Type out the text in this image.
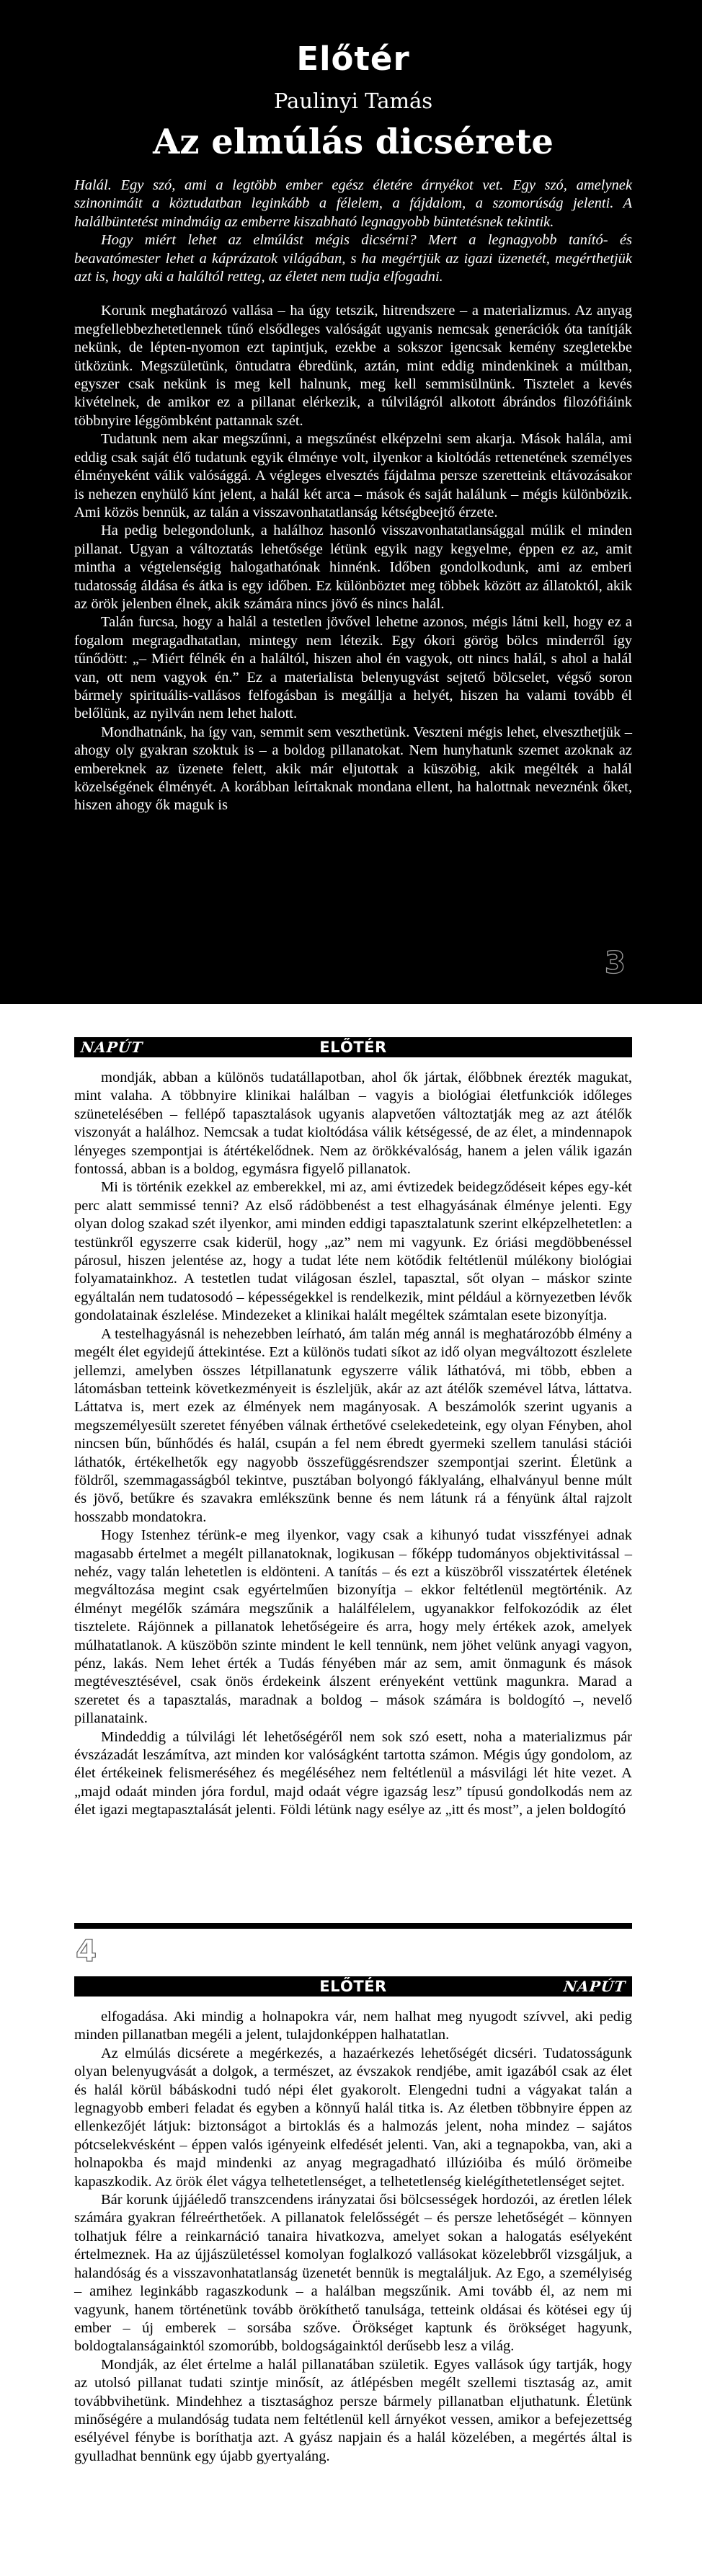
Előtér
Paulinyi Tamás
Az elmúlás dicsérete

Halál. Egy szó, ami a legtöbb ember egész életére árnyékot vet. Egy szó, amelynek szinonimáit a köztudatban leginkább a félelem, a fájdalom, a szomorúság jelenti. A halálbüntetést mindmáig az emberre kiszabható legnagyobb büntetésnek tekintik.

Hogy miért lehet az elmúlást mégis dicsérni? Mert a legnagyobb tanító- és beavatómester lehet a káprázatok világában, s ha megértjük az igazi üzenetét, megérthetjük azt is, hogy aki a haláltól retteg, az életet nem tudja elfogadni.

Korunk meghatározó vallása – ha úgy tetszik, hitrendszere – a materializmus. Az anyag megfellebbezhetetlennek tűnő elsődleges valóságát ugyanis nemcsak generációk óta tanítják nekünk, de lépten-nyomon ezt tapintjuk, ezekbe a sokszor igencsak kemény szegletekbe ütközünk. Megszületünk, öntudatra ébredünk, aztán, mint eddig mindenkinek a múltban, egyszer csak nekünk is meg kell halnunk, meg kell semmisülnünk. Tisztelet a kevés kivételnek, de amikor ez a pillanat elérkezik, a túlvilágról alkotott ábrándos filozófiáink többnyire léggömbként pattannak szét.

Tudatunk nem akar megszűnni, a megszűnést elképzelni sem akarja. Mások halála, ami eddig csak saját élő tudatunk egyik élménye volt, ilyenkor a kioltódás rettenetének személyes élményeként válik valósággá. A végleges elvesztés fájdalma persze szeretteink eltávozásakor is nehezen enyhülő kínt jelent, a halál két arca – mások és saját halálunk – mégis különbözik. Ami közös bennük, az talán a visszavonhatatlanság kétségbeejtő érzete.

Ha pedig belegondolunk, a halálhoz hasonló visszavonhatatlansággal múlik el minden pillanat. Ugyan a változtatás lehetősége létünk egyik nagy kegyelme, éppen ez az, amit mintha a végtelenségig halogathatónak hinnénk. Időben gondolkodunk, ami az emberi tudatosság áldása és átka is egy időben. Ez különböztet meg többek között az állatoktól, akik az örök jelenben élnek, akik számára nincs jövő és nincs halál.

Talán furcsa, hogy a halál a testetlen jövővel lehetne azonos, mégis látni kell, hogy ez a fogalom megragadhatatlan, mintegy nem létezik. Egy ókori görög bölcs minderről így tűnődött: „– Miért félnék én a haláltól, hiszen ahol én vagyok, ott nincs halál, s ahol a halál van, ott nem vagyok én.” Ez a materialista belenyugvást sejtető bölcselet, végső soron bármely spirituális-vallásos felfogásban is megállja a helyét, hiszen ha valami tovább él belőlünk, az nyilván nem lehet halott.

Mondhatnánk, ha így van, semmit sem veszthetünk. Veszteni mégis lehet, elveszthetjük – ahogy oly gyakran szoktuk is – a boldog pillanatokat. Nem hunyhatunk szemet azoknak az embereknek az üzenete felett, akik már eljutottak a küszöbig, akik megélték a halál közelségének élményét. A korábban leírtaknak mondana ellent, ha halottnak neveznénk őket, hiszen ahogy ők maguk is

3
NAPÚT	ELŐTÉR

mondják, abban a különös tudatállapotban, ahol ők jártak, élőbbnek érezték magukat, mint valaha. A többnyire klinikai halálban – vagyis a biológiai életfunkciók időleges szünetelésében – fellépő tapasztalások ugyanis alapvetően változtatják meg az azt átélők viszonyát a halálhoz. Nemcsak a tudat kioltódása válik kétségessé, de az élet, a mindennapok lényeges szempontjai is átértékelődnek. Nem az örökkévalóság, hanem a jelen válik igazán fontossá, abban is a boldog, egymásra figyelő pillanatok.

Mi is történik ezekkel az emberekkel, mi az, ami évtizedek beidegződéseit képes egy-két perc alatt semmissé tenni? Az első rádöbbenést a test elhagyásának élménye jelenti. Egy olyan dolog szakad szét ilyenkor, ami minden eddigi tapasztalatunk szerint elképzelhetetlen: a testünkről egyszerre csak kiderül, hogy „az” nem mi vagyunk. Ez óriási megdöbbenéssel párosul, hiszen jelentése az, hogy a tudat léte nem kötődik feltétlenül múlékony biológiai folyamatainkhoz. A testetlen tudat világosan észlel, tapasztal, sőt olyan – máskor szinte egyáltalán nem tudatosodó – képességekkel is rendelkezik, mint például a környezetben lévők gondolatainak észlelése. Mindezeket a klinikai halált megéltek számtalan esete bizonyítja.

A testelhagyásnál is nehezebben leírható, ám talán még annál is meghatározóbb élmény a megélt élet egyidejű áttekintése. Ezt a különös tudati síkot az idő olyan megváltozott észlelete jellemzi, amelyben összes létpillanatunk egyszerre válik láthatóvá, mi több, ebben a látomásban tetteink következményeit is észleljük, akár az azt átélők szemével látva, láttatva. Láttatva is, mert ezek az élmények nem magányosak. A beszámolók szerint ugyanis a megszemélyesült szeretet fényében válnak érthetővé cselekedeteink, egy olyan Fényben, ahol nincsen bűn, bűnhődés és halál, csupán a fel nem ébredt gyermeki szellem tanulási stációi láthatók, értékelhetők egy nagyobb összefüggésrendszer szempontjai szerint. Életünk a földről, szemmagasságból tekintve, pusztában bolyongó fáklyaláng, elhalványul benne múlt és jövő, betűkre és szavakra emlékszünk benne és nem látunk rá a fényünk által rajzolt hosszabb mondatokra.

Hogy Istenhez térünk-e meg ilyenkor, vagy csak a kihunyó tudat visszfényei adnak magasabb értelmet a megélt pillanatoknak, logikusan – főképp tudományos objektivitással – nehéz, vagy talán lehetetlen is eldönteni. A tanítás – és ezt a küszöbről visszatértek életének megváltozása megint csak egyértelműen bizonyítja – ekkor feltétlenül megtörténik. Az élményt megélők számára megszűnik a halálfélelem, ugyanakkor felfokozódik az élet tisztelete. Rájönnek a pillanatok lehetőségeire és arra, hogy mely értékek azok, amelyek múlhatatlanok. A küszöbön szinte mindent le kell tennünk, nem jöhet velünk anyagi vagyon, pénz, lakás. Nem lehet érték a Tudás fényében már az sem, amit önmagunk és mások megtévesztésével, csak önös érdekeink álszent erényeként vettünk magunkra. Marad a szeretet és a tapasztalás, maradnak a boldog – mások számára is boldogító –, nevelő pillanataink.

Mindeddig a túlvilági lét lehetőségéről nem sok szó esett, noha a materializmus pár évszázadát leszámítva, azt minden kor valóságként tartotta számon. Mégis úgy gondolom, az élet értékeinek felismeréséhez és megéléséhez nem feltétlenül a másvilági lét hite vezet. A „majd odaát minden jóra fordul, majd odaát végre igazság lesz” típusú gondolkodás nem az élet igazi megtapasztalását jelenti. Földi létünk nagy esélye az „itt és most”, a jelen boldogító

4
ELŐTÉR	NAPÚT

elfogadása. Aki mindig a holnapokra vár, nem halhat meg nyugodt szívvel, aki pedig minden pillanatban megéli a jelent, tulajdonképpen halhatatlan.

Az elmúlás dicsérete a megérkezés, a hazaérkezés lehetőségét dicséri. Tudatosságunk olyan belenyugvását a dolgok, a természet, az évszakok rendjébe, amit igazából csak az élet és halál körül bábáskodni tudó népi élet gyakorolt. Elengedni tudni a vágyakat talán a legnagyobb emberi feladat és egyben a könnyű halál titka is. Az életben többnyire éppen az ellenkezőjét látjuk: biztonságot a birtoklás és a halmozás jelent, noha mindez – sajátos pótcselekvésként – éppen valós igényeink elfedését jelenti. Van, aki a tegnapokba, van, aki a holnapokba és majd mindenki az anyag megragadható illúzióiba és múló örömeibe kapaszkodik. Az örök élet vágya telhetetlenséget, a telhetetlenség kielégíthetetlenséget sejtet.

Bár korunk újjáéledő transzcendens irányzatai ősi bölcsességek hordozói, az éretlen lélek számára gyakran félreérthetőek. A pillanatok felelősségét – és persze lehetőségét – könnyen tolhatjuk félre a reinkarnáció tanaira hivatkozva, amelyet sokan a halogatás esélyeként értelmeznek. Ha az újjászületéssel komolyan foglalkozó vallásokat közelebbről vizsgáljuk, a halandóság és a visszavonhatatlanság üzenetét bennük is megtaláljuk. Az Ego, a személyiség – amihez leginkább ragaszkodunk – a halálban megszűnik. Ami tovább él, az nem mi vagyunk, hanem történetünk tovább örökíthető tanulsága, tetteink oldásai és kötései egy új ember – új emberek – sorsába szőve. Örökséget kaptunk és örökséget hagyunk, boldogtalanságainktól szomorúbb, boldogságainktól derűsebb lesz a világ.

Mondják, az élet értelme a halál pillanatában születik. Egyes vallások úgy tartják, hogy az utolsó pillanat tudati szintje minősít, az átlépésben megélt szellemi tisztaság az, amit továbbvihetünk. Mindehhez a tisztasághoz persze bármely pillanatban eljuthatunk. Életünk minőségére a mulandóság tudata nem feltétlenül kell árnyékot vessen, amikor a befejezettség esélyével fénybe is boríthatja azt. A gyász napjain és a halál közelében, a megértés által is gyulladhat bennünk egy újabb gyertyaláng.
